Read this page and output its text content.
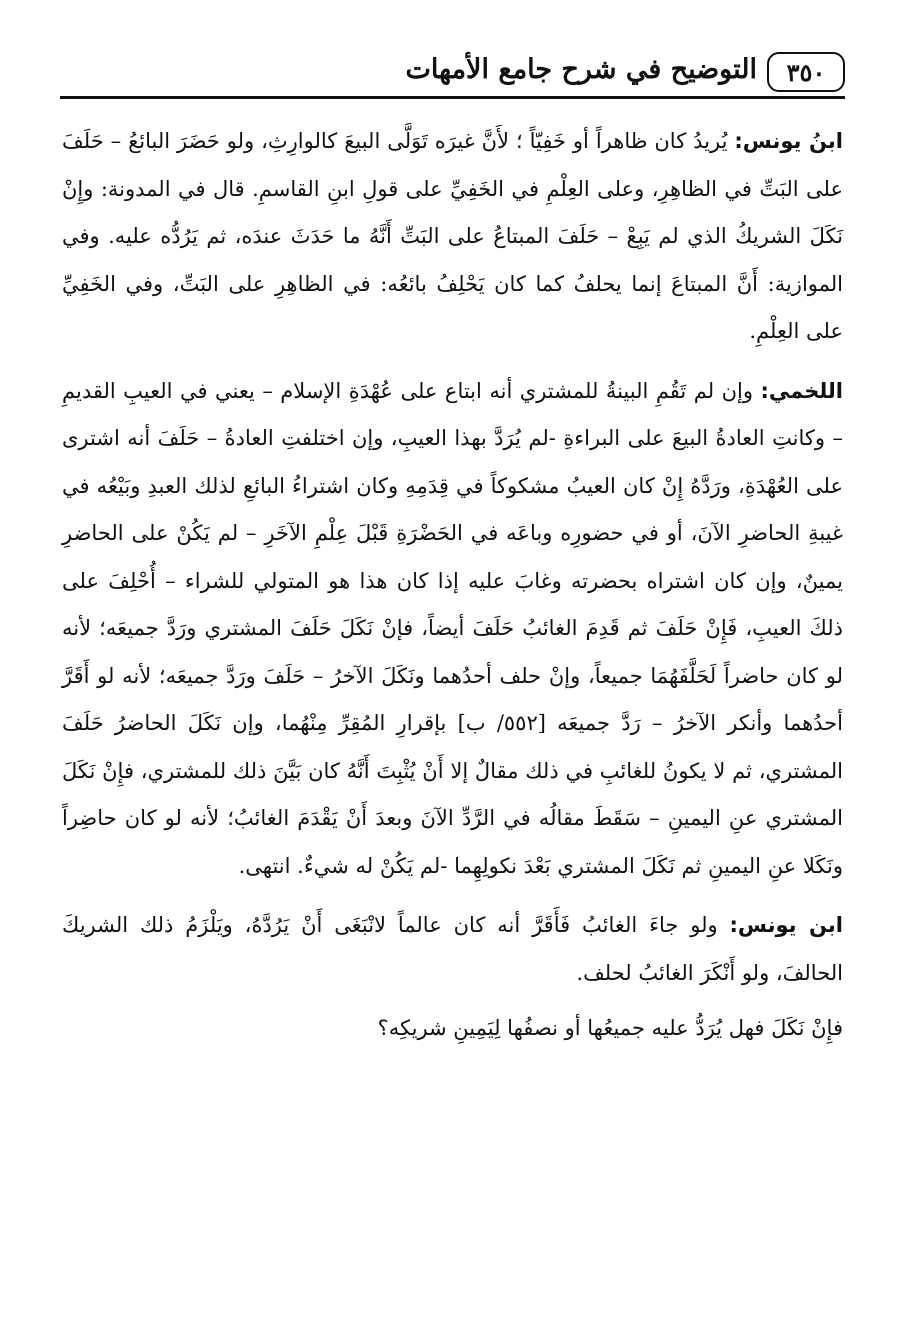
٣٥٠
التوضيح في شرح جامع الأمهات

ابنُ يونس: يُريدُ كان ظاهراً أو خَفِيّاً ؛ لأَنَّ غيرَه تَوَلَّى البيعَ كالوارِثِ، ولو حَضَرَ البائعُ – حَلَفَ على البَتِّ في الظاهِرِ، وعلى العِلْمِ في الخَفِيِّ على قولِ ابنِ القاسمِ. قال في المدونة: وإِنْ نَكَلَ الشريكُ الذي لم يَبِعْ – حَلَفَ المبتاعُ على البَتِّ أَنَّهُ ما حَدَثَ عندَه، ثم يَرُدُّه عليه. وفي الموازية: أَنَّ المبتاعَ إنما يحلفُ كما كان يَحْلِفُ بائعُه: في الظاهِرِ على البَتِّ، وفي الخَفِيِّ على العِلْمِ.

اللخمي: وإن لم تَقُمِ البينةُ للمشتري أنه ابتاع على عُهْدَةِ الإسلام – يعني في العيبِ القديمِ – وكانتِ العادةُ البيعَ على البراءةِ -لم يُرَدَّ بهذا العيبِ، وإن اختلفتِ العادةُ – حَلَفَ أنه اشترى على العُهْدَةِ، ورَدَّهُ إِنْ كان العيبُ مشكوكاً في قِدَمِهِ وكان اشتراءُ البائعِ لذلك العبدِ وبَيْعُه في غيبةِ الحاضرِ الآنَ، أو في حضورِه وباعَه في الحَضْرَةِ قَبْلَ عِلْمِ الآخَرِ – لم يَكُنْ على الحاضرِ يمينٌ، وإن كان اشتراه بحضرته وغابَ عليه إذا كان هذا هو المتولي للشراء – أُحْلِفَ على ذلكَ العيبِ، فَإِنْ حَلَفَ ثم قَدِمَ الغائبُ حَلَفَ أيضاً، فإنْ نَكَلَ حَلَفَ المشتري ورَدَّ جميعَه؛ لأنه لو كان حاضراً لَحَلَّفَهُمَا جميعاً، وإنْ حلف أحدُهما ونَكَلَ الآخرُ – حَلَفَ ورَدَّ جميعَه؛ لأنه لو أَقَرَّ أحدُهما وأنكر الآخرُ – رَدَّ جميعَه [٥٥٢/ ب] بإقرارِ المُقِرِّ مِنْهُما، وإن نَكَلَ الحاضرُ حَلَفَ المشتري، ثم لا يكونُ للغائبِ في ذلك مقالٌ إلا أَنْ يُثْبِتَ أَنَّهُ كان بَيَّنَ ذلك للمشتري، فإِنْ نَكَلَ المشتري عنِ اليمينِ – سَقَطَ مقالُه في الرَّدِّ الآنَ وبعدَ أَنْ يَقْدَمَ الغائبُ؛ لأنه لو كان حاضِراً ونَكَلا عنِ اليمينِ ثم نَكَلَ المشتري بَعْدَ نكولِهِما -لم يَكُنْ له شيءٌ. انتهى.

ابن يونس: ولو جاءَ الغائبُ فَأَقَرَّ أنه كان عالماً لانْبَغَى أَنْ يَرُدَّهُ، ويَلْزَمُ ذلك الشريكَ الحالفَ، ولو أَنْكَرَ الغائبُ لحلف.

فإِنْ نَكَلَ فهل يُرَدُّ عليه جميعُها أو نصفُها لِيَمِينِ شريكِه؟
